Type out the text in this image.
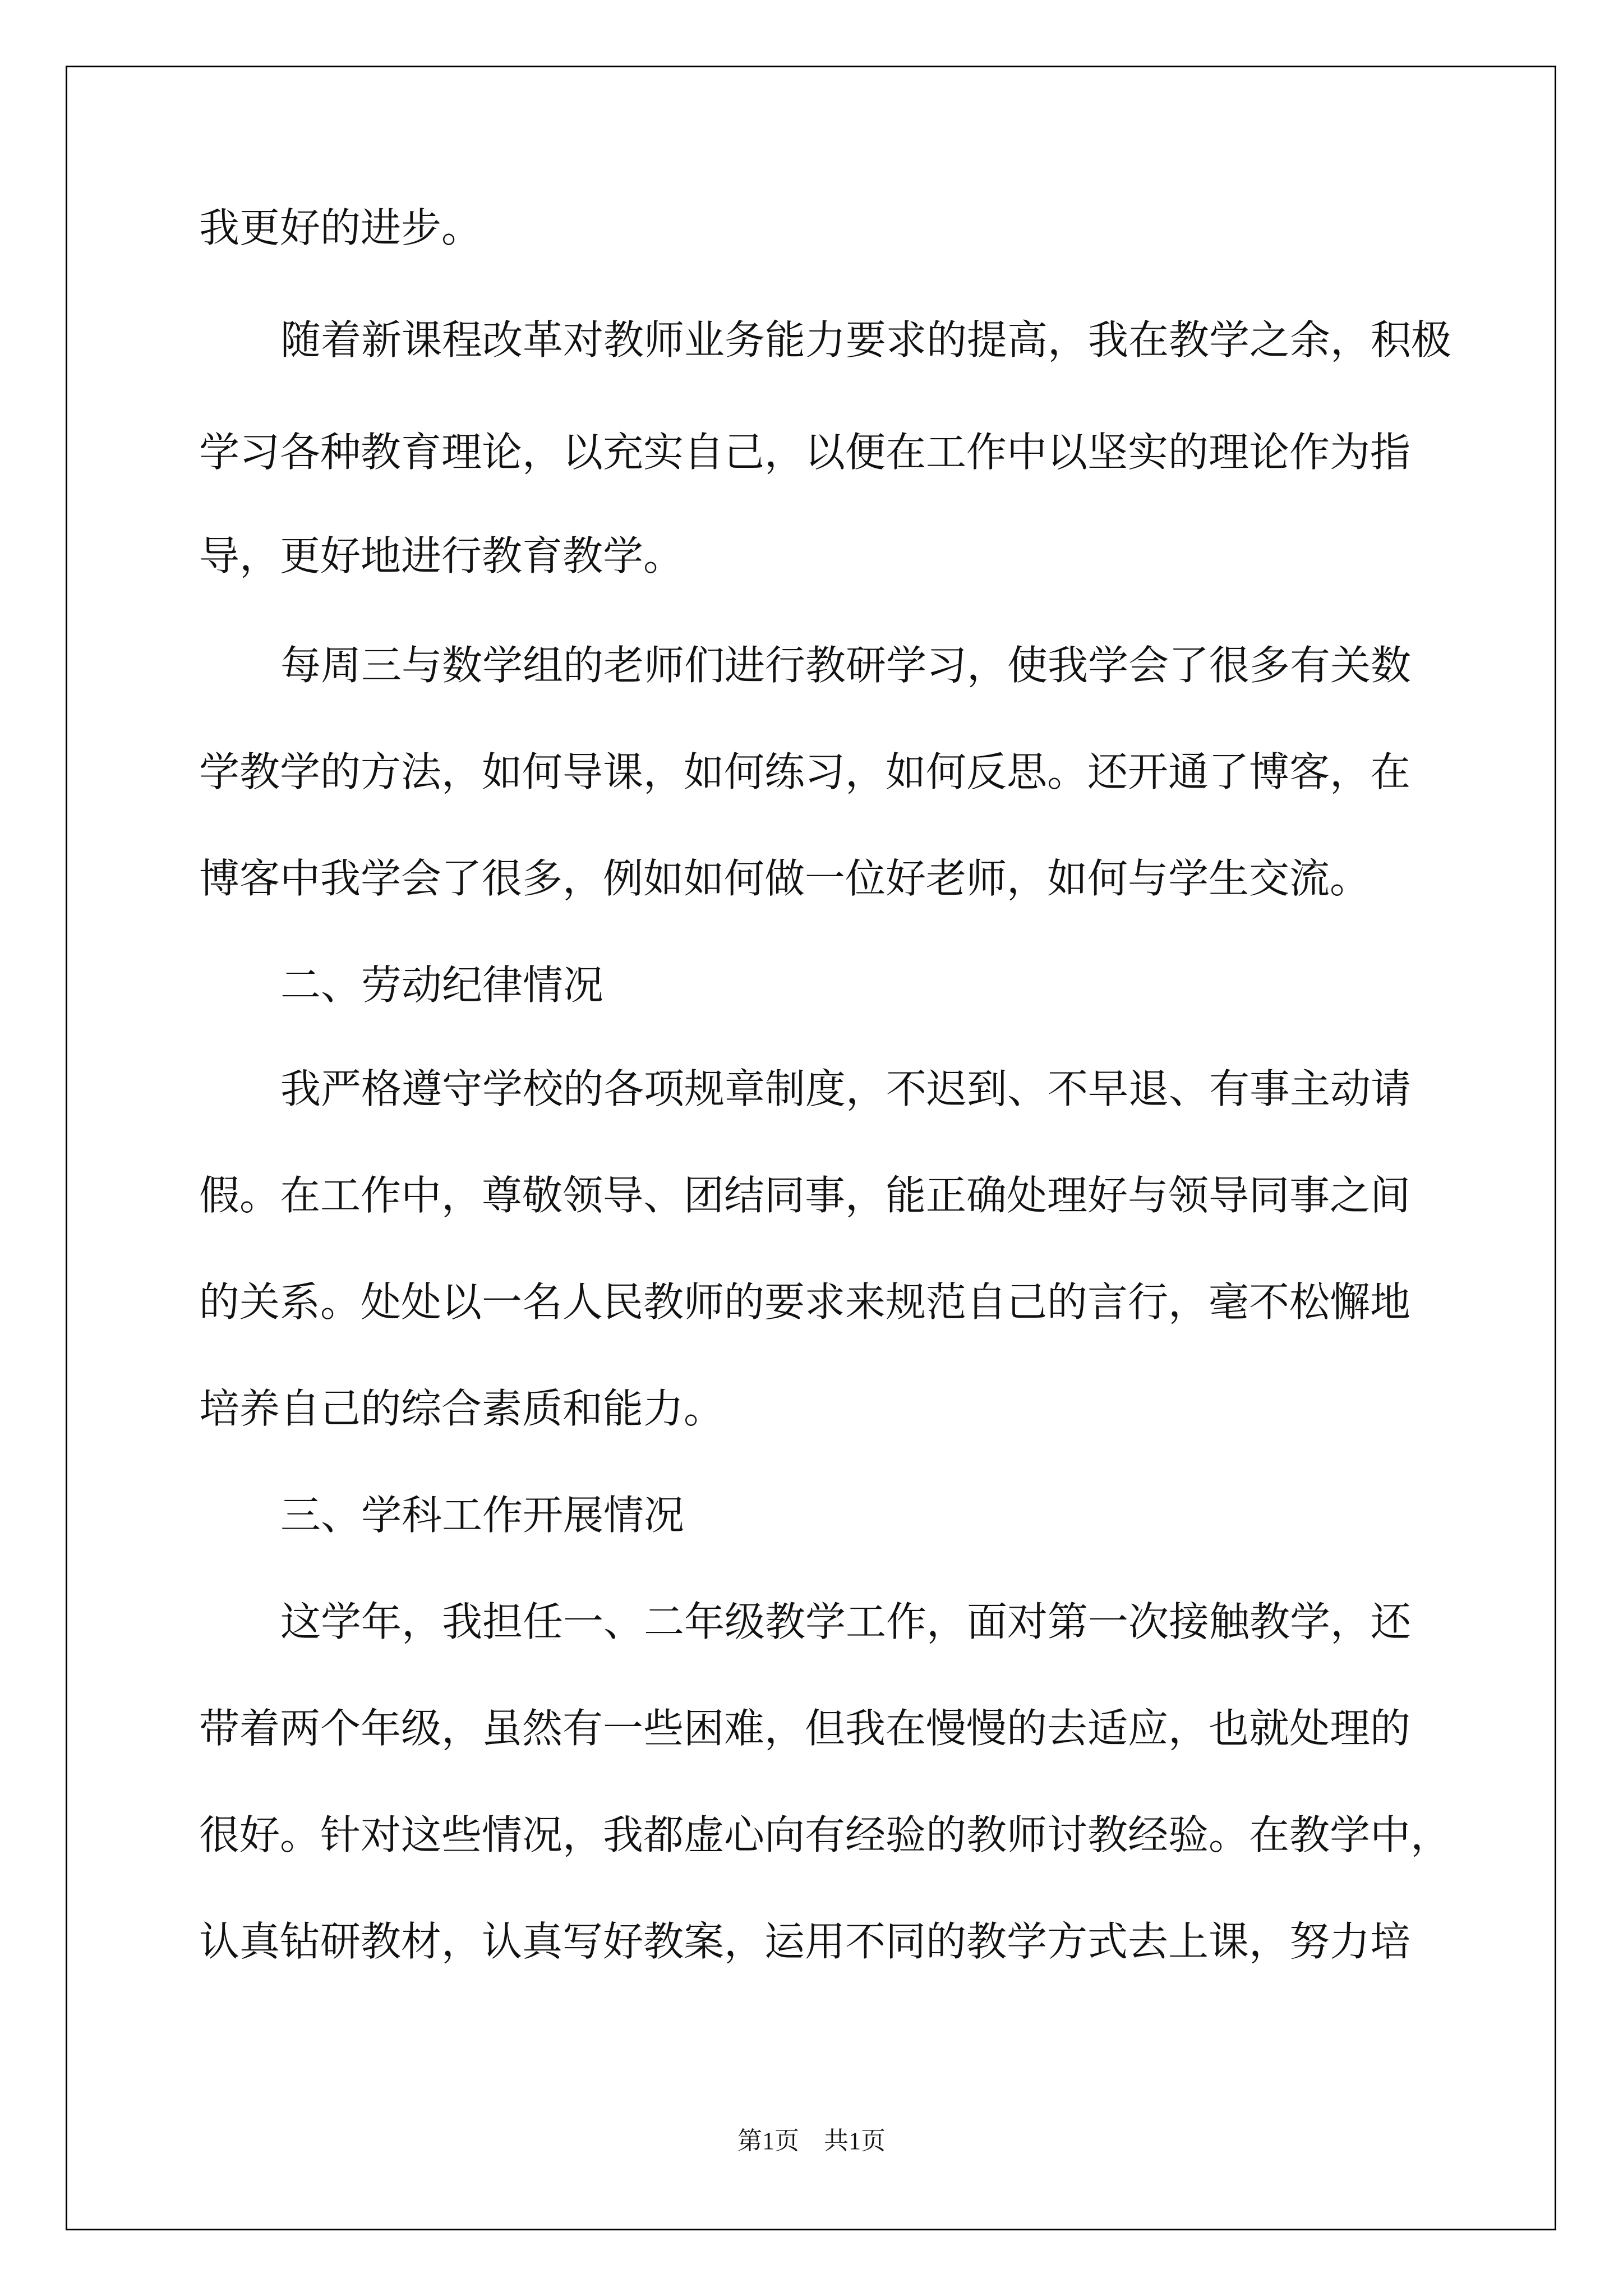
我更好的进步。
随着新课程改革对教师业务能力要求的提高，我在教学之余，积极
学习各种教育理论，以充实自己，以便在工作中以坚实的理论作为指
导，更好地进行教育教学。
每周三与数学组的老师们进行教研学习，使我学会了很多有关数
学教学的方法，如何导课，如何练习，如何反思。还开通了博客，在
博客中我学会了很多，例如如何做一位好老师，如何与学生交流。
二、劳动纪律情况
我严格遵守学校的各项规章制度，不迟到、不早退、有事主动请
假。在工作中，尊敬领导、团结同事，能正确处理好与领导同事之间
的关系。处处以一名人民教师的要求来规范自己的言行，毫不松懈地
培养自己的综合素质和能力。
三、学科工作开展情况
这学年，我担任一、二年级教学工作，面对第一次接触教学，还
带着两个年级，虽然有一些困难，但我在慢慢的去适应，也就处理的
很好。针对这些情况，我都虚心向有经验的教师讨教经验。在教学中，
认真钻研教材，认真写好教案，运用不同的教学方式去上课，努力培
第1页　共1页
